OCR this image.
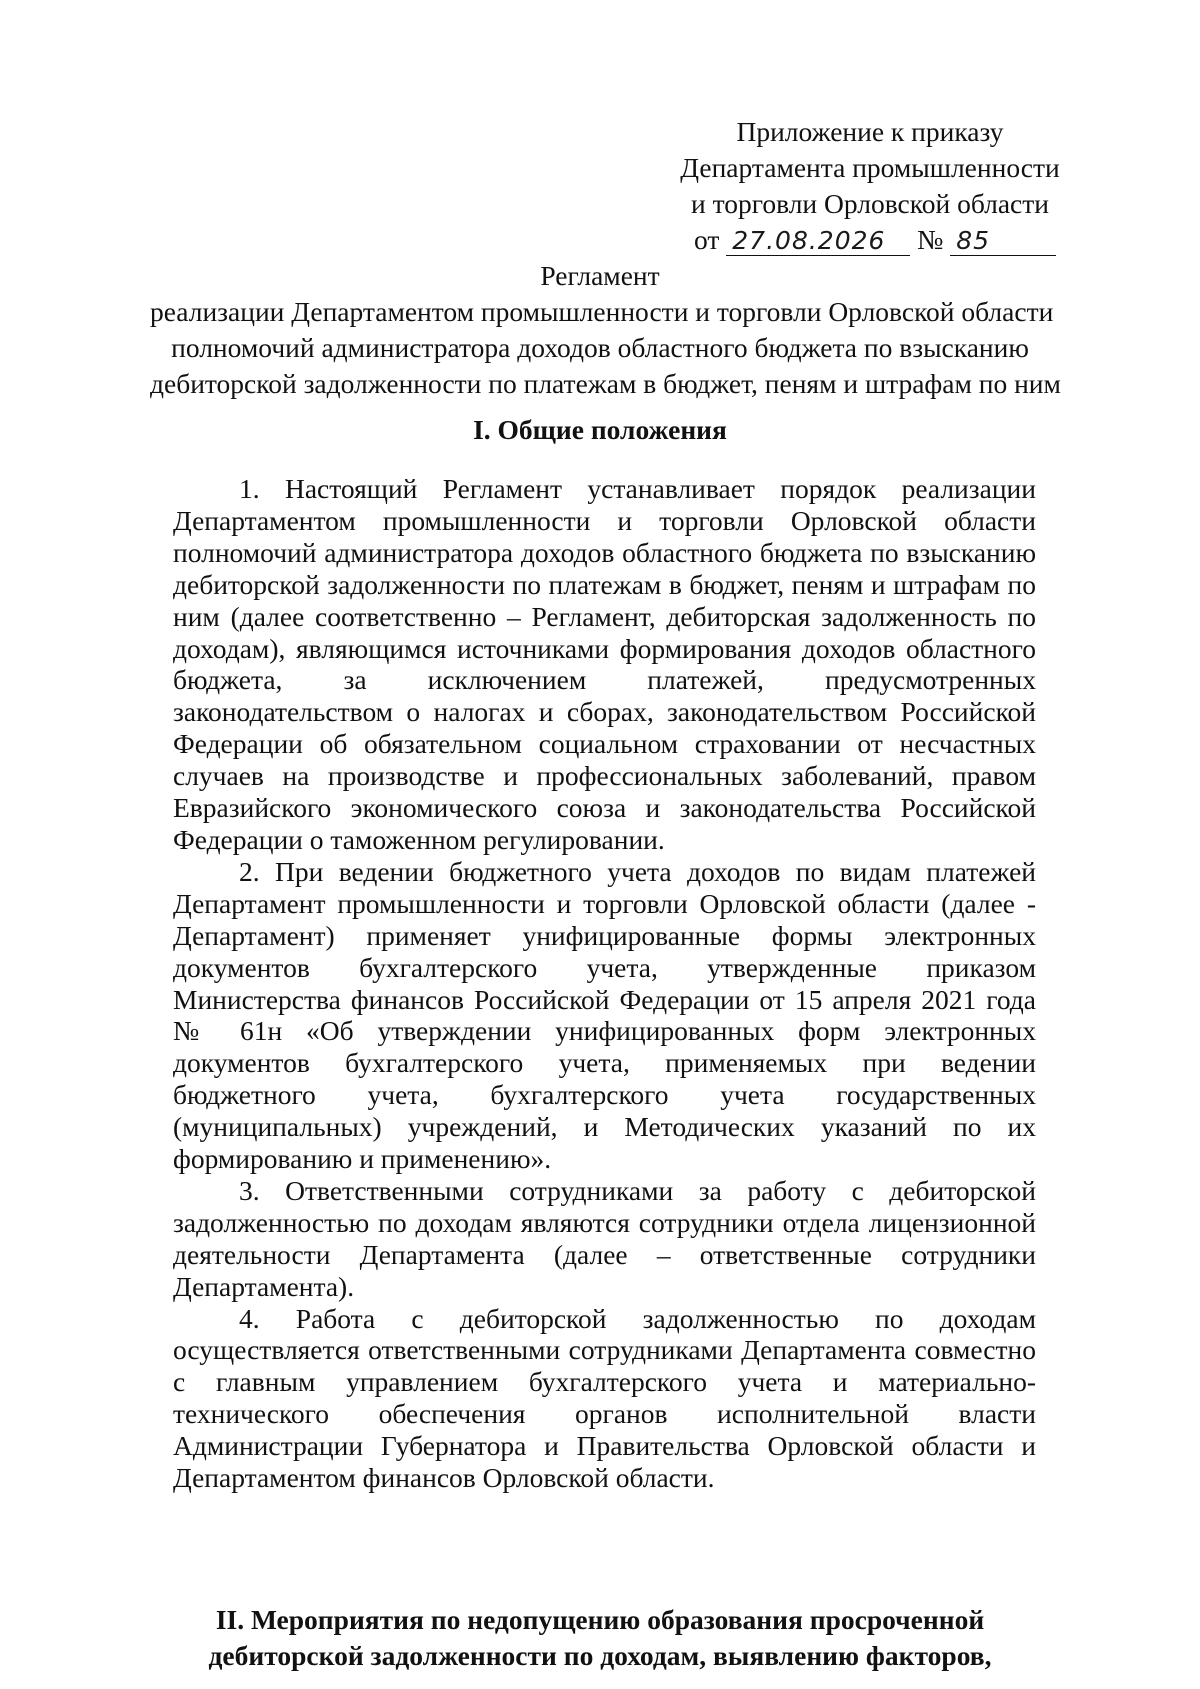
Приложение к приказу
Департамента промышленности
и торговли Орловской области
от 27.08.2026 № 85
Регламент
реализации Департаментом промышленности и торговли Орловской области
полномочий администратора доходов областного бюджета по взысканию
дебиторской задолженности по платежам в бюджет, пеням и штрафам по ним
I. Общие положения

1. Настоящий Регламент устанавливает порядок реализации Департаментом промышленности и торговли Орловской области полномочий администратора доходов областного бюджета по взысканию дебиторской задолженности по платежам в бюджет, пеням и штрафам по ним (далее соответственно – Регламент, дебиторская задолженность по доходам), являющимся источниками формирования доходов областного бюджета, за исключением платежей, предусмотренных законодательством о налогах и сборах, законодательством Российской Федерации об обязательном социальном страховании от несчастных случаев на производстве и профессиональных заболеваний, правом Евразийского экономического союза и законодательства Российской Федерации о таможенном регулировании.

2. При ведении бюджетного учета доходов по видам платежей Департамент промышленности и торговли Орловской области (далее - Департамент) применяет унифицированные формы электронных документов бухгалтерского учета, утвержденные приказом Министерства финансов Российской Федерации от 15 апреля 2021 года № 61н «Об утверждении унифицированных форм электронных документов бухгалтерского учета, применяемых при ведении бюджетного учета, бухгалтерского учета государственных (муниципальных) учреждений, и Методических указаний по их формированию и применению».

3. Ответственными сотрудниками за работу с дебиторской задолженностью по доходам являются сотрудники отдела лицензионной деятельности Департамента (далее – ответственные сотрудники Департамента).

4. Работа с дебиторской задолженностью по доходам осуществляется ответственными сотрудниками Департамента совместно с главным управлением бухгалтерского учета и материально-технического обеспечения органов исполнительной власти Администрации Губернатора и Правительства Орловской области и Департаментом финансов Орловской области.

II. Мероприятия по недопущению образования просроченной
дебиторской задолженности по доходам, выявлению факторов,
